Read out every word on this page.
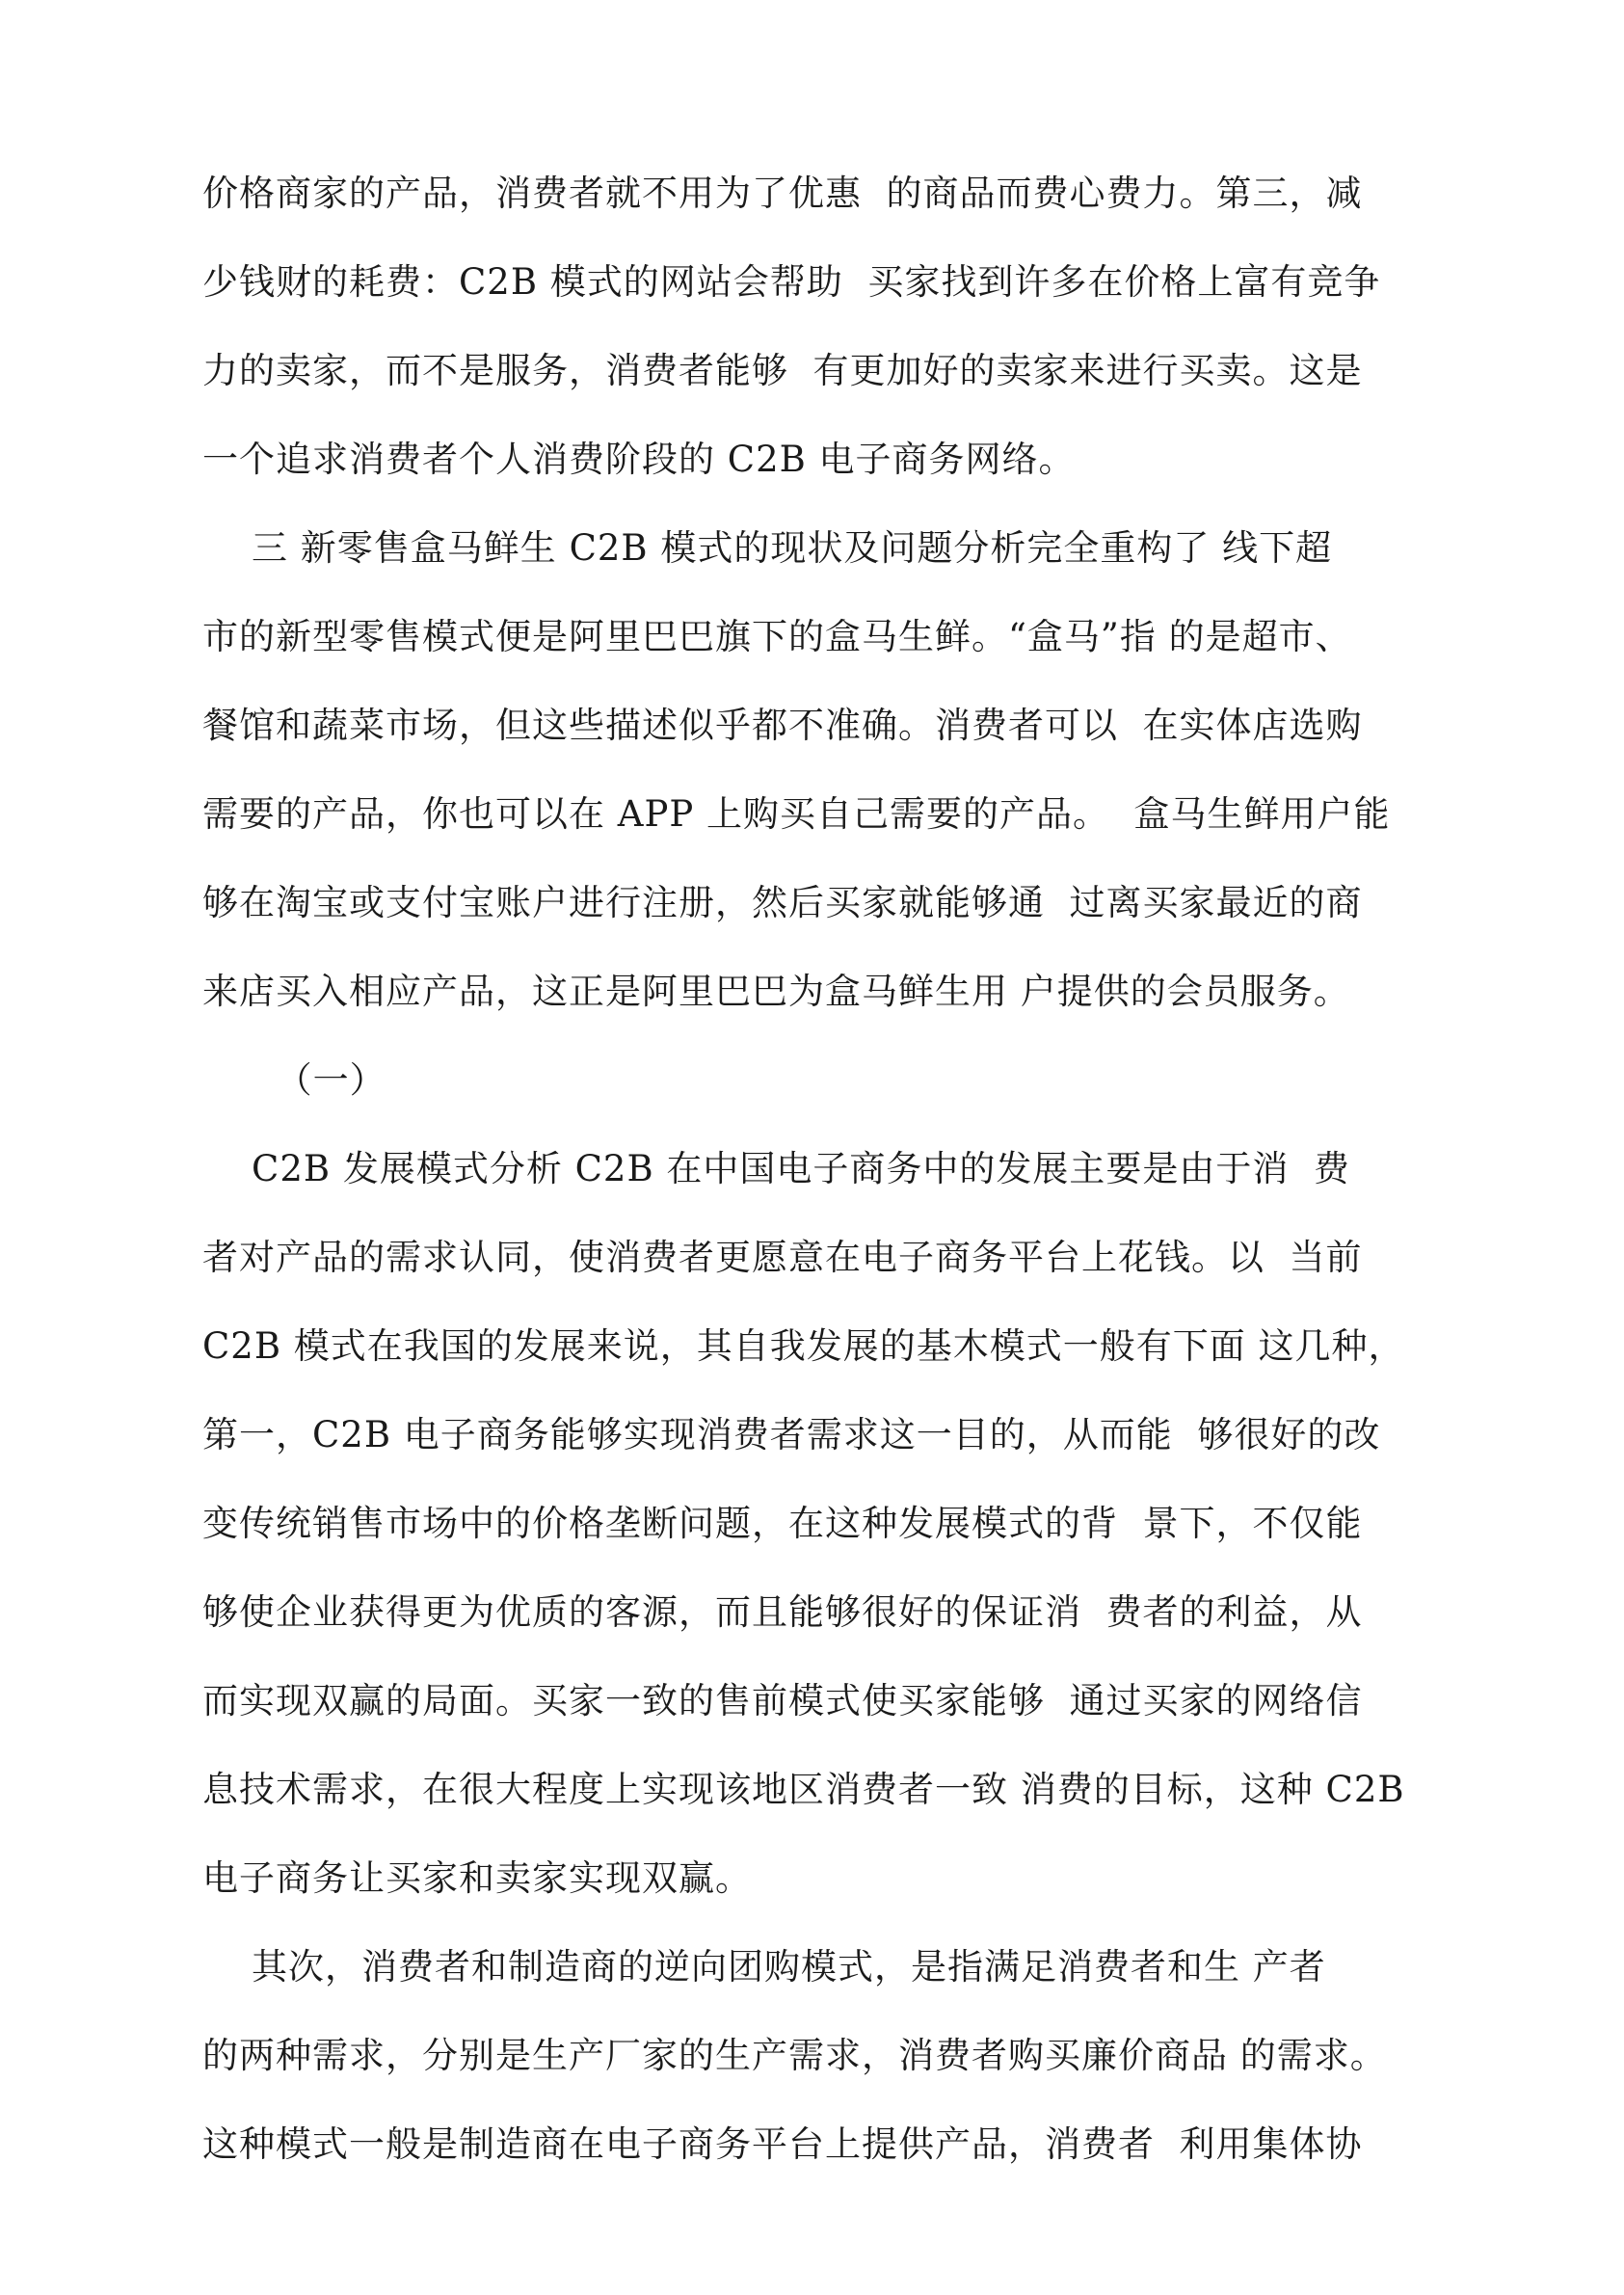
价格商家的产品，消费者就不用为了优惠  的商品而费心费力。第三，减
少钱财的耗费：C2B 模式的网站会帮助  买家找到许多在价格上富有竞争
力的卖家，而不是服务，消费者能够  有更加好的卖家来进行买卖。这是
一个追求消费者个人消费阶段的 C2B 电子商务网络。
三 新零售盒马鲜生 C2B 模式的现状及问题分析完全重构了 线下超
市的新型零售模式便是阿里巴巴旗下的盒马生鲜。“盒马”指 的是超市、
餐馆和蔬菜市场，但这些描述似乎都不准确。消费者可以  在实体店选购
需要的产品，你也可以在 APP 上购买自己需要的产品。  盒马生鲜用户能
够在淘宝或支付宝账户进行注册，然后买家就能够通  过离买家最近的商
来店买入相应产品，这正是阿里巴巴为盒马鲜生用 户提供的会员服务。
（一）
C2B 发展模式分析 C2B 在中国电子商务中的发展主要是由于消  费
者对产品的需求认同，使消费者更愿意在电子商务平台上花钱。以  当前
C2B 模式在我国的发展来说，其自我发展的基木模式一般有下面 这几种，
第一，C2B 电子商务能够实现消费者需求这一目的，从而能  够很好的改
变传统销售市场中的价格垄断问题，在这种发展模式的背  景下，不仅能
够使企业获得更为优质的客源，而且能够很好的保证消  费者的利益，从
而实现双赢的局面。买家一致的售前模式使买家能够  通过买家的网络信
息技术需求，在很大程度上实现该地区消费者一致 消费的目标，这种 C2B
电子商务让买家和卖家实现双赢。
其次，消费者和制造商的逆向团购模式，是指满足消费者和生 产者
的两种需求，分别是生产厂家的生产需求，消费者购买廉价商品 的需求。
这种模式一般是制造商在电子商务平台上提供产品，消费者  利用集体协
